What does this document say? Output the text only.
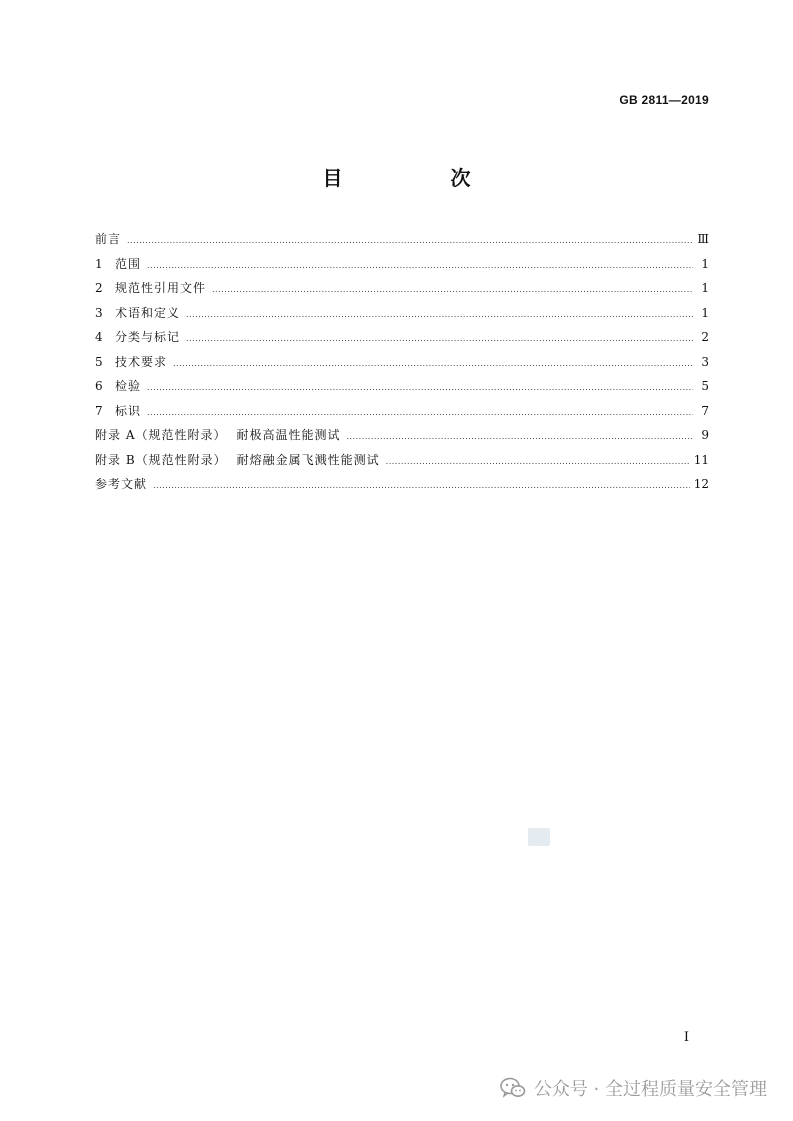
GB 2811—2019
目　次
前言 .....	Ⅲ
1 范围 .....	1
2 规范性引用文件 .....	1
3 术语和定义 .....	1
4 分类与标记 .....	2
5 技术要求 .....	3
6 检验 .....	5
7 标识 .....	7
附录 A（规范性附录） 耐极高温性能测试 .....	9
附录 B（规范性附录） 耐熔融金属飞溅性能测试 .....	11
参考文献 .....	12
I
公众号 · 全过程质量安全管理
